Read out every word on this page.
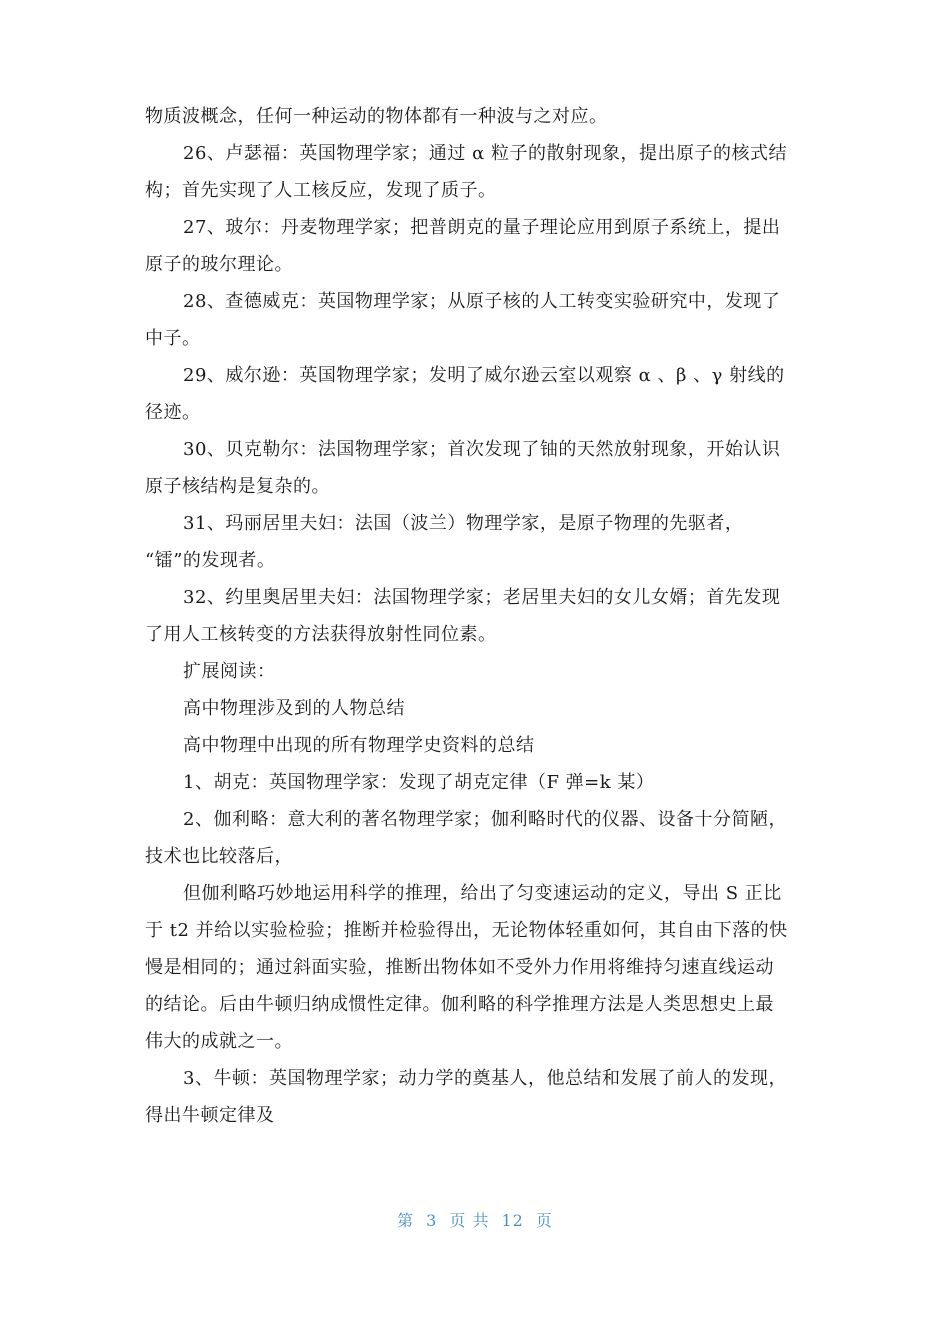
物质波概念，任何一种运动的物体都有一种波与之对应。
26、卢瑟福：英国物理学家；通过 α 粒子的散射现象，提出原子的核式结
构；首先实现了人工核反应，发现了质子。
27、玻尔：丹麦物理学家；把普朗克的量子理论应用到原子系统上，提出
原子的玻尔理论。
28、查德威克：英国物理学家；从原子核的人工转变实验研究中，发现了
中子。
29、威尔逊：英国物理学家；发明了威尔逊云室以观察 α 、β 、γ 射线的
径迹。
30、贝克勒尔：法国物理学家；首次发现了铀的天然放射现象，开始认识
原子核结构是复杂的。
31、玛丽居里夫妇：法国（波兰）物理学家，是原子物理的先驱者，
“镭”的发现者。
32、约里奥居里夫妇：法国物理学家；老居里夫妇的女儿女婿；首先发现
了用人工核转变的方法获得放射性同位素。
扩展阅读：
高中物理涉及到的人物总结
高中物理中出现的所有物理学史资料的总结
1、胡克：英国物理学家：发现了胡克定律（F 弹=k 某）
2、伽利略：意大利的著名物理学家；伽利略时代的仪器、设备十分简陋，
技术也比较落后，
但伽利略巧妙地运用科学的推理，给出了匀变速运动的定义，导出 S 正比
于 t2 并给以实验检验；推断并检验得出，无论物体轻重如何，其自由下落的快
慢是相同的；通过斜面实验，推断出物体如不受外力作用将维持匀速直线运动
的结论。后由牛顿归纳成惯性定律。伽利略的科学推理方法是人类思想史上最
伟大的成就之一。
3、牛顿：英国物理学家；动力学的奠基人，他总结和发展了前人的发现，
得出牛顿定律及
第 3 页 共 12 页
